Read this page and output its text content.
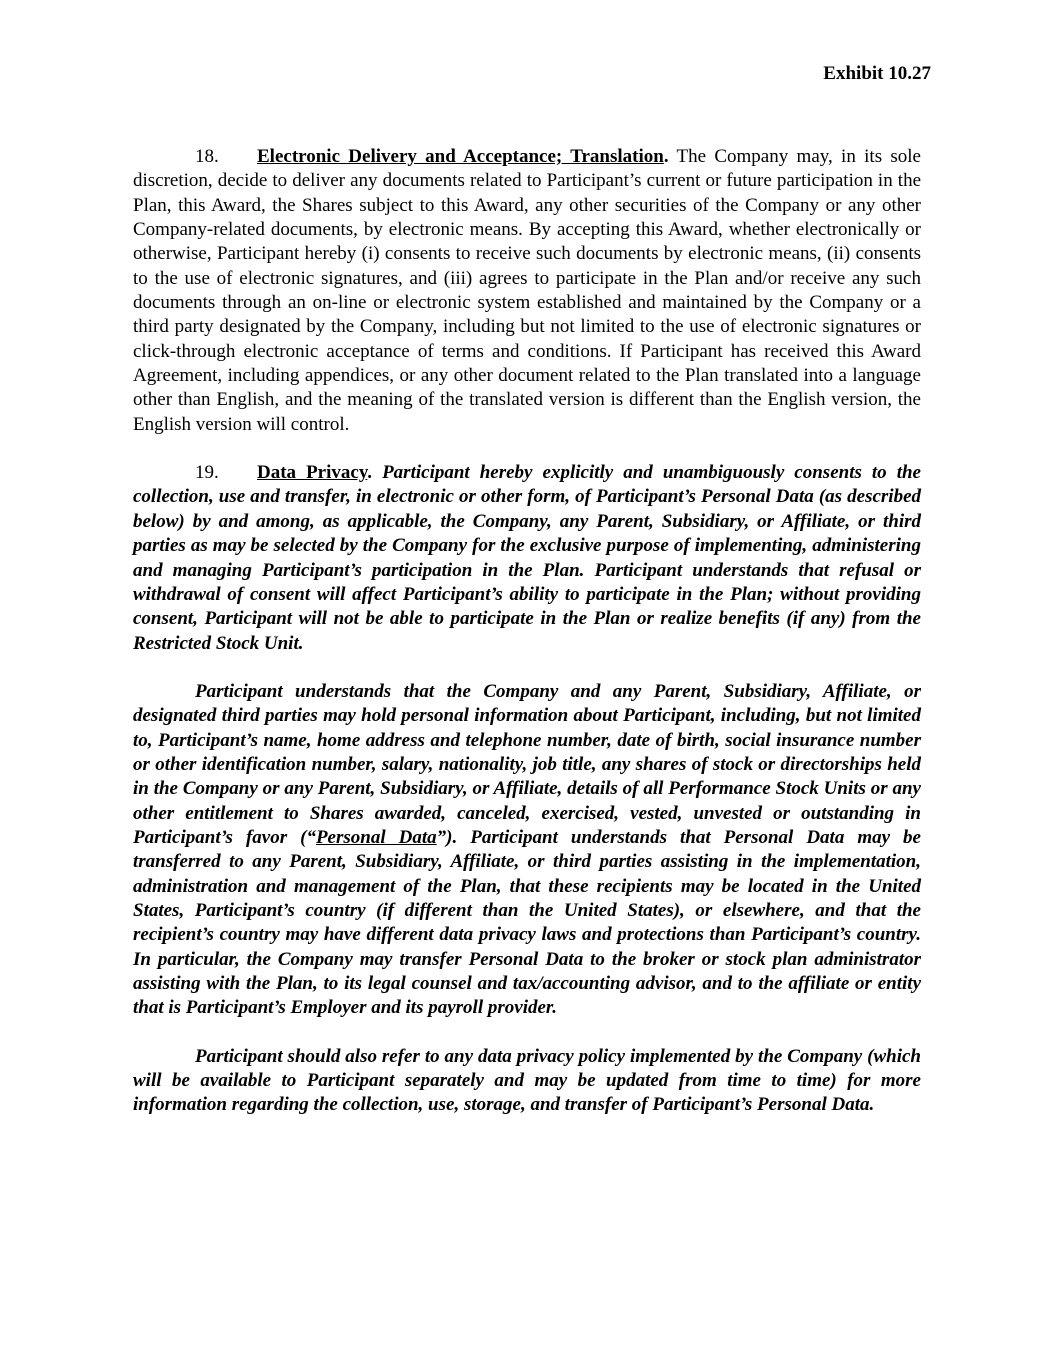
Exhibit 10.27

18. Electronic Delivery and Acceptance; Translation. The Company may, in its sole discretion, decide to deliver any documents related to Participant’s current or future participation in the Plan, this Award, the Shares subject to this Award, any other securities of the Company or any other Company-related documents, by electronic means. By accepting this Award, whether electronically or otherwise, Participant hereby (i) consents to receive such documents by electronic means, (ii) consents to the use of electronic signatures, and (iii) agrees to participate in the Plan and/or receive any such documents through an on-line or electronic system established and maintained by the Company or a third party designated by the Company, including but not limited to the use of electronic signatures or click-through electronic acceptance of terms and conditions. If Participant has received this Award Agreement, including appendices, or any other document related to the Plan translated into a language other than English, and the meaning of the translated version is different than the English version, the English version will control.

19. Data Privacy. Participant hereby explicitly and unambiguously consents to the collection, use and transfer, in electronic or other form, of Participant’s Personal Data (as described below) by and among, as applicable, the Company, any Parent, Subsidiary, or Affiliate, or third parties as may be selected by the Company for the exclusive purpose of implementing, administering and managing Participant’s participation in the Plan. Participant understands that refusal or withdrawal of consent will affect Participant’s ability to participate in the Plan; without providing consent, Participant will not be able to participate in the Plan or realize benefits (if any) from the Restricted Stock Unit.

Participant understands that the Company and any Parent, Subsidiary, Affiliate, or designated third parties may hold personal information about Participant, including, but not limited to, Participant’s name, home address and telephone number, date of birth, social insurance number or other identification number, salary, nationality, job title, any shares of stock or directorships held in the Company or any Parent, Subsidiary, or Affiliate, details of all Performance Stock Units or any other entitlement to Shares awarded, canceled, exercised, vested, unvested or outstanding in Participant’s favor (“Personal Data”). Participant understands that Personal Data may be transferred to any Parent, Subsidiary, Affiliate, or third parties assisting in the implementation, administration and management of the Plan, that these recipients may be located in the United States, Participant’s country (if different than the United States), or elsewhere, and that the recipient’s country may have different data privacy laws and protections than Participant’s country. In particular, the Company may transfer Personal Data to the broker or stock plan administrator assisting with the Plan, to its legal counsel and tax/accounting advisor, and to the affiliate or entity that is Participant’s Employer and its payroll provider.

Participant should also refer to any data privacy policy implemented by the Company (which will be available to Participant separately and may be updated from time to time) for more information regarding the collection, use, storage, and transfer of Participant’s Personal Data.
